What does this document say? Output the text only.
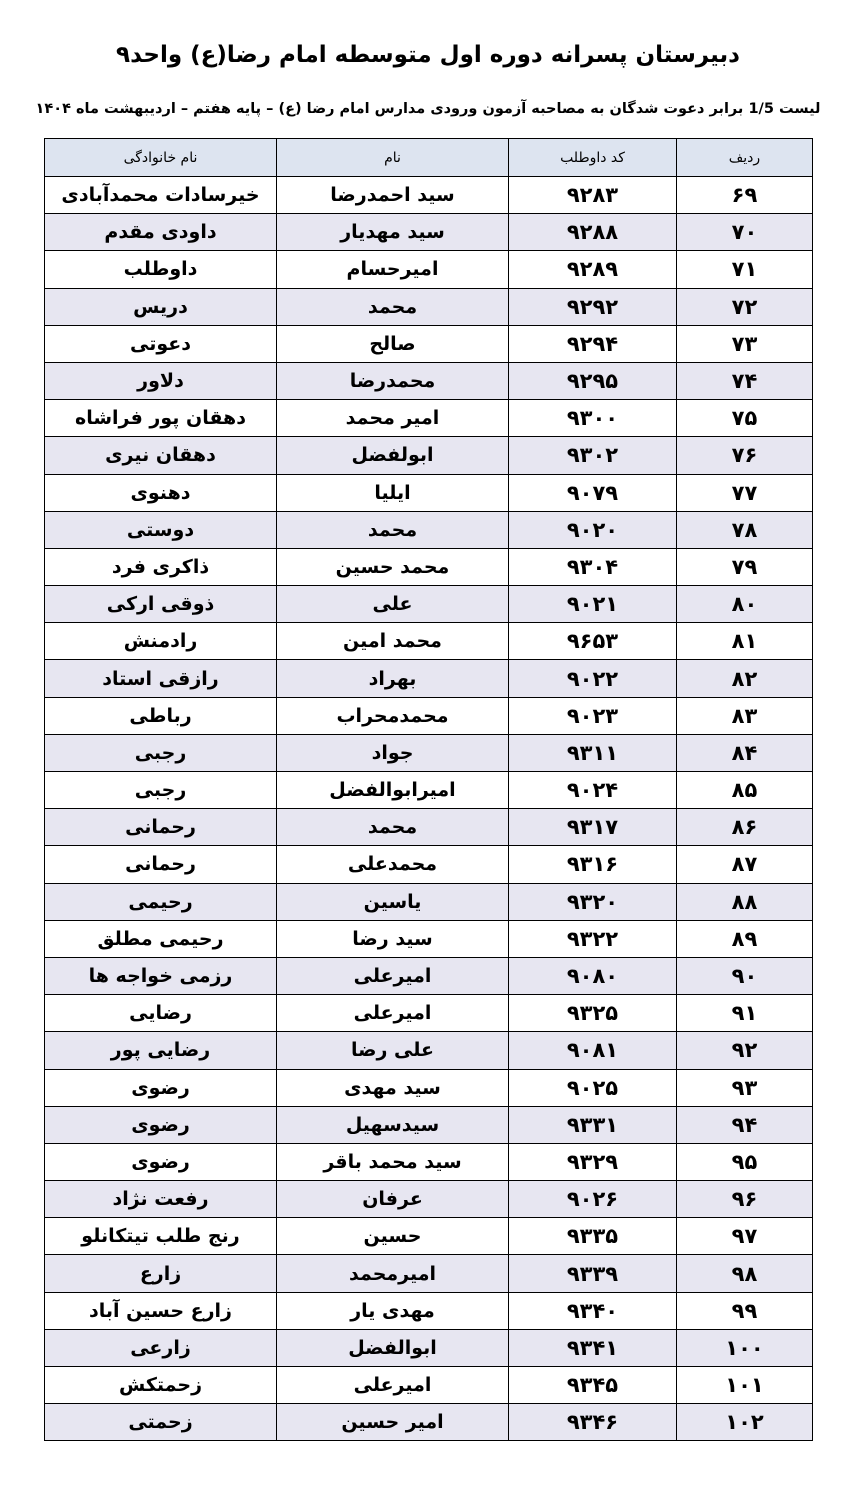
دبیرستان پسرانه دوره اول متوسطه امام رضا(ع) واحد۹
لیست 1/5 برابر دعوت شدگان به مصاحبه آزمون ورودی مدارس امام رضا (ع) – پایه هفتم – اردیبهشت ماه ۱۴۰۴
ردیف	کد داوطلب	نام	نام خانوادگی
۶۹	۹۲۸۳	سید احمدرضا	خیرسادات محمدآبادی
۷۰	۹۲۸۸	سید مهدیار	داودی مقدم
۷۱	۹۲۸۹	امیرحسام	داوطلب
۷۲	۹۲۹۲	محمد	دریس
۷۳	۹۲۹۴	صالح	دعوتی
۷۴	۹۲۹۵	محمدرضا	دلاور
۷۵	۹۳۰۰	امیر محمد	دهقان پور فراشاه
۷۶	۹۳۰۲	ابولفضل	دهقان نیری
۷۷	۹۰۷۹	ایلیا	دهنوی
۷۸	۹۰۲۰	محمد	دوستی
۷۹	۹۳۰۴	محمد حسین	ذاکری فرد
۸۰	۹۰۲۱	علی	ذوقی ارکی
۸۱	۹۶۵۳	محمد امین	رادمنش
۸۲	۹۰۲۲	بهراد	رازقی استاد
۸۳	۹۰۲۳	محمدمحراب	رباطی
۸۴	۹۳۱۱	جواد	رجبی
۸۵	۹۰۲۴	امیرابوالفضل	رجبی
۸۶	۹۳۱۷	محمد	رحمانی
۸۷	۹۳۱۶	محمدعلی	رحمانی
۸۸	۹۳۲۰	یاسین	رحیمی
۸۹	۹۳۲۲	سید رضا	رحیمی مطلق
۹۰	۹۰۸۰	امیرعلی	رزمی خواجه ها
۹۱	۹۳۲۵	امیرعلی	رضایی
۹۲	۹۰۸۱	علی رضا	رضایی پور
۹۳	۹۰۲۵	سید مهدی	رضوی
۹۴	۹۳۳۱	سیدسهیل	رضوی
۹۵	۹۳۲۹	سید محمد باقر	رضوی
۹۶	۹۰۲۶	عرفان	رفعت نژاد
۹۷	۹۳۳۵	حسین	رنج طلب تیتکانلو
۹۸	۹۳۳۹	امیرمحمد	زارع
۹۹	۹۳۴۰	مهدی یار	زارع حسین آباد
۱۰۰	۹۳۴۱	ابوالفضل	زارعی
۱۰۱	۹۳۴۵	امیرعلی	زحمتکش
۱۰۲	۹۳۴۶	امیر حسین	زحمتی
